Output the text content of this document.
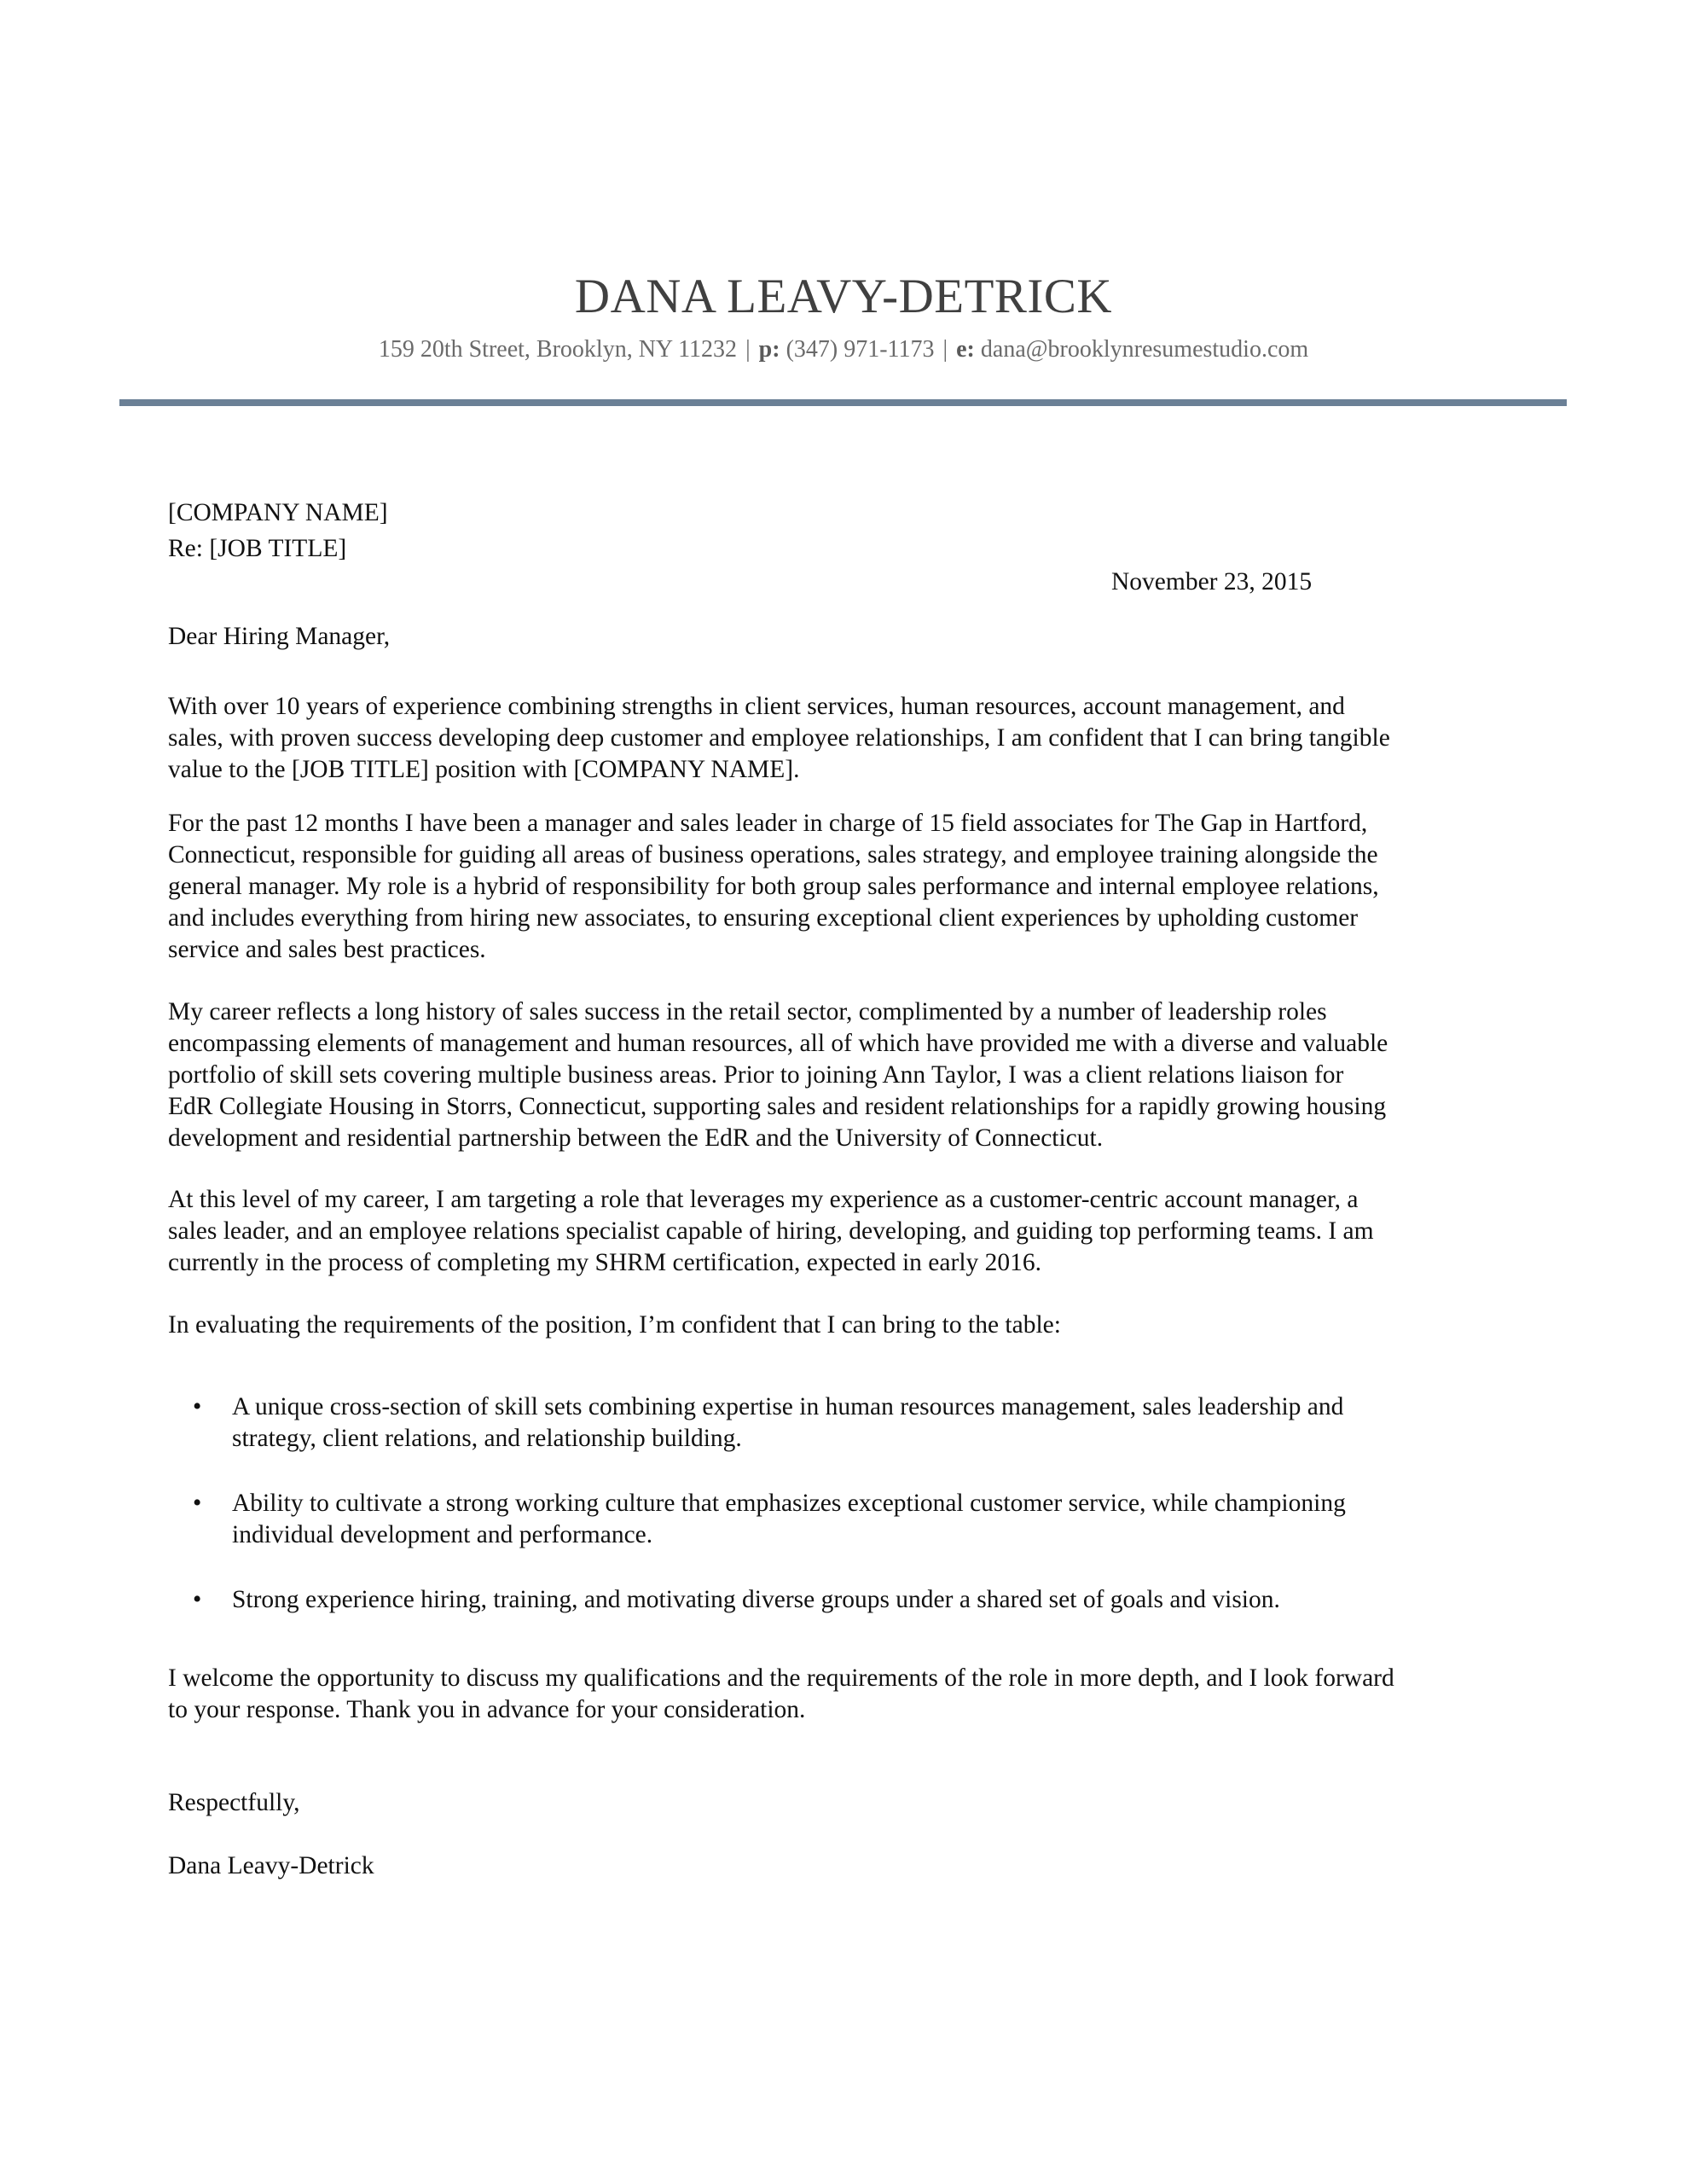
DANA LEAVY-DETRICK
159 20th Street, Brooklyn, NY 11232 | p: (347) 971-1173 | e: dana@brooklynresumestudio.com
[COMPANY NAME]
Re: [JOB TITLE]
November 23, 2015
Dear Hiring Manager,
With over 10 years of experience combining strengths in client services, human resources, account management, and
sales, with proven success developing deep customer and employee relationships, I am confident that I can bring tangible
value to the [JOB TITLE] position with [COMPANY NAME].
For the past 12 months I have been a manager and sales leader in charge of 15 field associates for The Gap in Hartford,
Connecticut, responsible for guiding all areas of business operations, sales strategy, and employee training alongside the
general manager. My role is a hybrid of responsibility for both group sales performance and internal employee relations,
and includes everything from hiring new associates, to ensuring exceptional client experiences by upholding customer
service and sales best practices.
My career reflects a long history of sales success in the retail sector, complimented by a number of leadership roles
encompassing elements of management and human resources, all of which have provided me with a diverse and valuable
portfolio of skill sets covering multiple business areas. Prior to joining Ann Taylor, I was a client relations liaison for
EdR Collegiate Housing in Storrs, Connecticut, supporting sales and resident relationships for a rapidly growing housing
development and residential partnership between the EdR and the University of Connecticut.
At this level of my career, I am targeting a role that leverages my experience as a customer-centric account manager, a
sales leader, and an employee relations specialist capable of hiring, developing, and guiding top performing teams. I am
currently in the process of completing my SHRM certification, expected in early 2016.
In evaluating the requirements of the position, I’m confident that I can bring to the table:
•	A unique cross-section of skill sets combining expertise in human resources management, sales leadership and
strategy, client relations, and relationship building.
•	Ability to cultivate a strong working culture that emphasizes exceptional customer service, while championing
individual development and performance.
•	Strong experience hiring, training, and motivating diverse groups under a shared set of goals and vision.
I welcome the opportunity to discuss my qualifications and the requirements of the role in more depth, and I look forward
to your response. Thank you in advance for your consideration.
Respectfully,
Dana Leavy-Detrick
